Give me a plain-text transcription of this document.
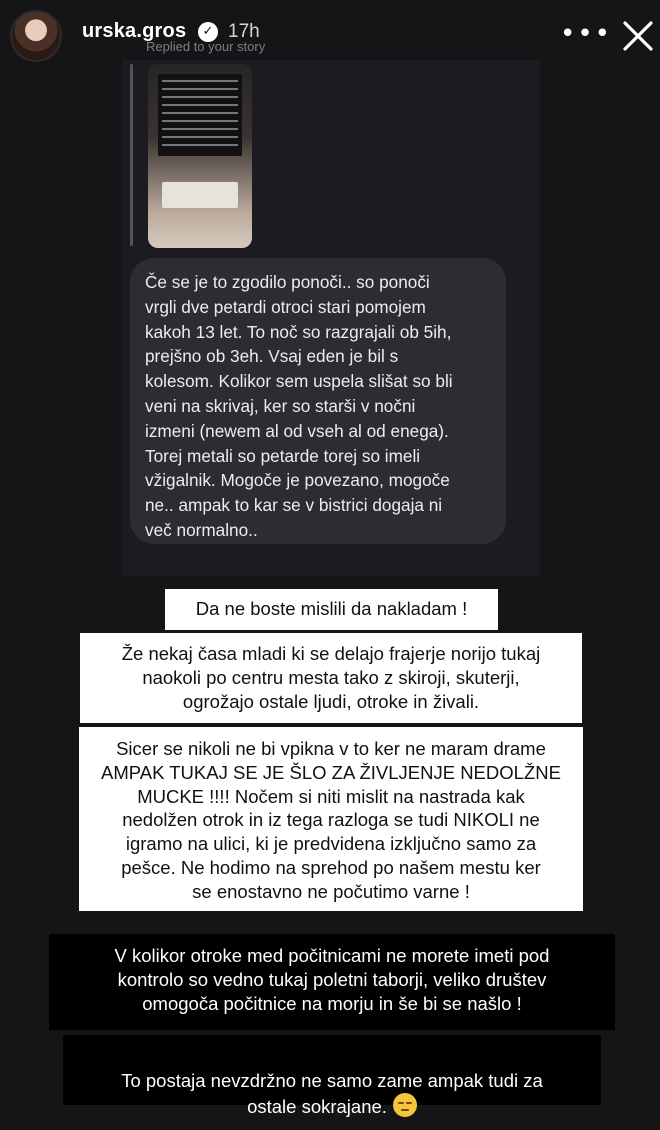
urska.gros	✓ 17h
Replied to your story	•••
Če se je to zgodilo ponoči.. so ponoči
vrgli dve petardi otroci stari pomojem
kakoh 13 let. To noč so razgrajali ob 5ih,
prejšno ob 3eh. Vsaj eden je bil s
kolesom. Kolikor sem uspela slišat so bli
veni na skrivaj, ker so starši v nočni
izmeni (newem al od vseh al od enega).
Torej metali so petarde torej so imeli
vžigalnik. Mogoče je povezano, mogoče
ne.. ampak to kar se v bistrici dogaja ni
več normalno..
Da ne boste mislili da nakladam !
Že nekaj časa mladi ki se delajo frajerje norijo tukaj
naokoli po centru mesta tako z skiroji, skuterji,
ogrožajo ostale ljudi, otroke in živali.
Sicer se nikoli ne bi vpikna v to ker ne maram drame
AMPAK TUKAJ SE JE ŠLO ZA ŽIVLJENJE NEDOLŽNE
MUCKE !!!! Nočem si niti mislit na nastrada kak
nedolžen otrok in iz tega razloga se tudi NIKOLI ne
igramo na ulici, ki je predvidena izključno samo za
pešce. Ne hodimo na sprehod po našem mestu ker
se enostavno ne počutimo varne !
V kolikor otroke med počitnicami ne morete imeti pod
kontrolo so vedno tukaj poletni taborji, veliko društev
omogoča počitnice na morju in še bi se našlo !

To postaja nevzdržno ne samo zame ampak tudi za
ostale sokrajane.
